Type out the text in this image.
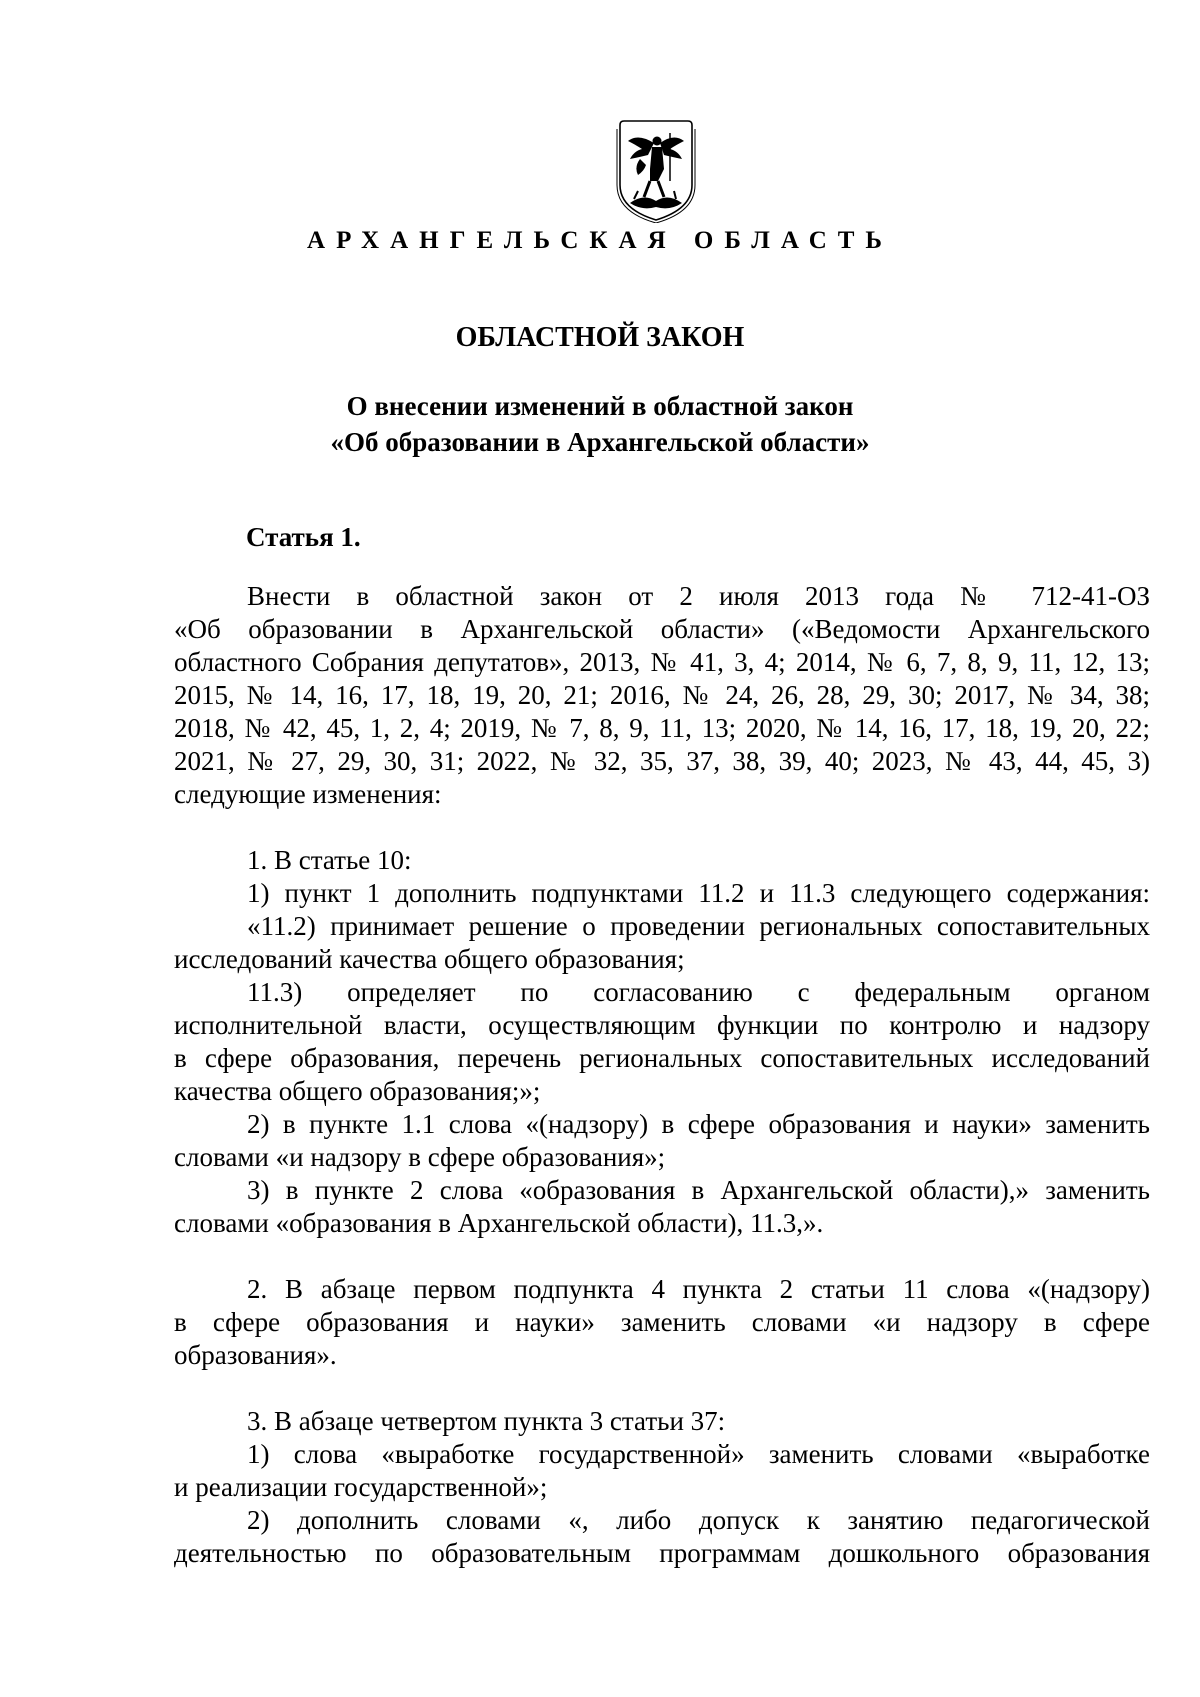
АРХАНГЕЛЬСКАЯ ОБЛАСТЬ
ОБЛАСТНОЙ ЗАКОН
О внесении изменений в областной закон
«Об образовании в Архангельской области»
Статья 1.
Внести в областной закон от 2 июля 2013 года № 712-41-ОЗ
«Об образовании в Архангельской области» («Ведомости Архангельского
областного Собрания депутатов», 2013, № 41, 3, 4; 2014, № 6, 7, 8, 9, 11, 12, 13;
2015, № 14, 16, 17, 18, 19, 20, 21; 2016, № 24, 26, 28, 29, 30; 2017, № 34, 38;
2018, № 42, 45, 1, 2, 4; 2019, № 7, 8, 9, 11, 13; 2020, № 14, 16, 17, 18, 19, 20, 22;
2021, № 27, 29, 30, 31; 2022, № 32, 35, 37, 38, 39, 40; 2023, № 43, 44, 45, 3)
следующие изменения:
1. В статье 10:
1) пункт 1 дополнить подпунктами 11.2 и 11.3 следующего содержания:
«11.2) принимает решение о проведении региональных сопоставительных
исследований качества общего образования;
11.3) определяет по согласованию с федеральным органом
исполнительной власти, осуществляющим функции по контролю и надзору
в сфере образования, перечень региональных сопоставительных исследований
качества общего образования;»;
2) в пункте 1.1 слова «(надзору) в сфере образования и науки» заменить
словами «и надзору в сфере образования»;
3) в пункте 2 слова «образования в Архангельской области),» заменить
словами «образования в Архангельской области), 11.3,».
2. В абзаце первом подпункта 4 пункта 2 статьи 11 слова «(надзору)
в сфере образования и науки» заменить словами «и надзору в сфере
образования».
3. В абзаце четвертом пункта 3 статьи 37:
1) слова «выработке государственной» заменить словами «выработке
и реализации государственной»;
2) дополнить словами «, либо допуск к занятию педагогической
деятельностью по образовательным программам дошкольного образования
